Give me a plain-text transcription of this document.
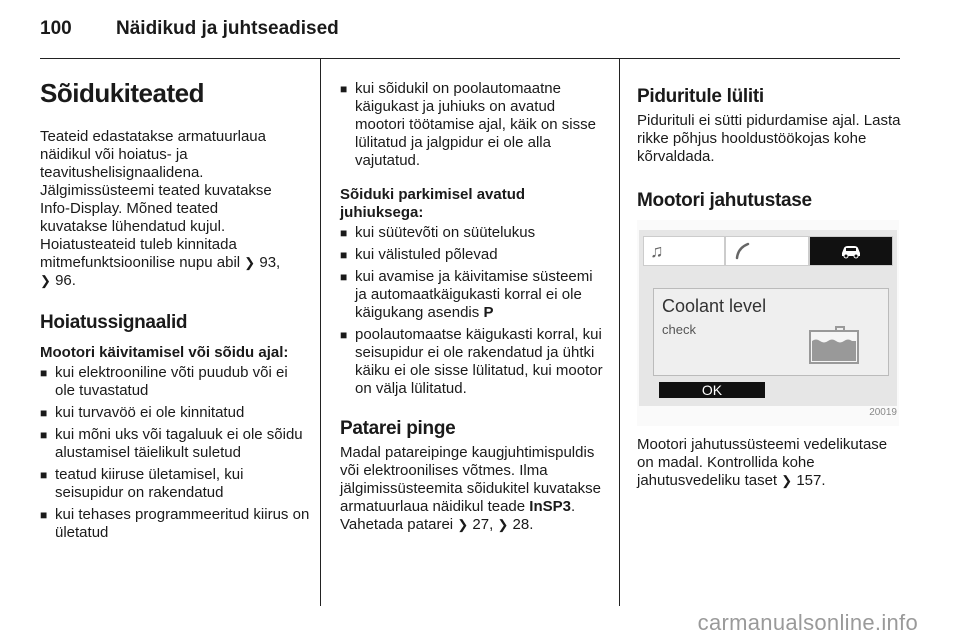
100 Näidikud ja juhtseadised
Sõidukiteated

Teateid edastatakse armatuurlaua
näidikul või hoiatus- ja
teavitushelisignaalidena.
Jälgimissüsteemi teated kuvatakse
Info-Display. Mõned teated
kuvatakse lühendatud kujul.
Hoiatusteateid tuleb kinnitada
mitmefunktsioonilise nupu abil ❯ 93,
❯ 96.

Hoiatussignaalid
Mootori käivitamisel või sõidu ajal:
■ kui elektrooniline võti puudub või ei ole tuvastatud
■ kui turvavöö ei ole kinnitatud
■ kui mõni uks või tagaluuk ei ole sõidu alustamisel täielikult suletud
■ teatud kiiruse ületamisel, kui seisupidur on rakendatud
■ kui tehases programmeeritud kiirus on ületatud
■ kui sõidukil on poolautomaatne käigukast ja juhiuks on avatud mootori töötamise ajal, käik on sisse lülitatud ja jalgpidur ei ole alla vajutatud.
Sõiduki parkimisel avatud juhiuksega:
■ kui süütevõti on süütelukus
■ kui välistuled põlevad
■ kui avamise ja käivitamise süsteemi ja automaatkäigukasti korral ei ole käigukang asendis P
■ poolautomaatse käigukasti korral, kui seisupidur ei ole rakendatud ja ühtki käiku ei ole sisse lülitatud, kui mootor on välja lülitatud.
Patarei pinge

Madal patareipinge kaugjuhtimispuldis või elektroonilises võtmes. Ilma jälgimissüsteemita sõidukitel kuvatakse armatuurlaua näidikul teade InSP3. Vahetada patarei ❯ 27, ❯ 28.

Piduritule lüliti

Piduritulі ei sütti pidurdamise ajal. Lasta rikke põhjus hooldustöökojas kohe kõrvaldada.

Mootori jahutustase
♫
Coolant level
check
OK
20019

Mootori jahutussüsteemi vedelikutase on madal. Kontrollida kohe jahutusvedeliku taset ❯ 157.

carmanualsonline.info
